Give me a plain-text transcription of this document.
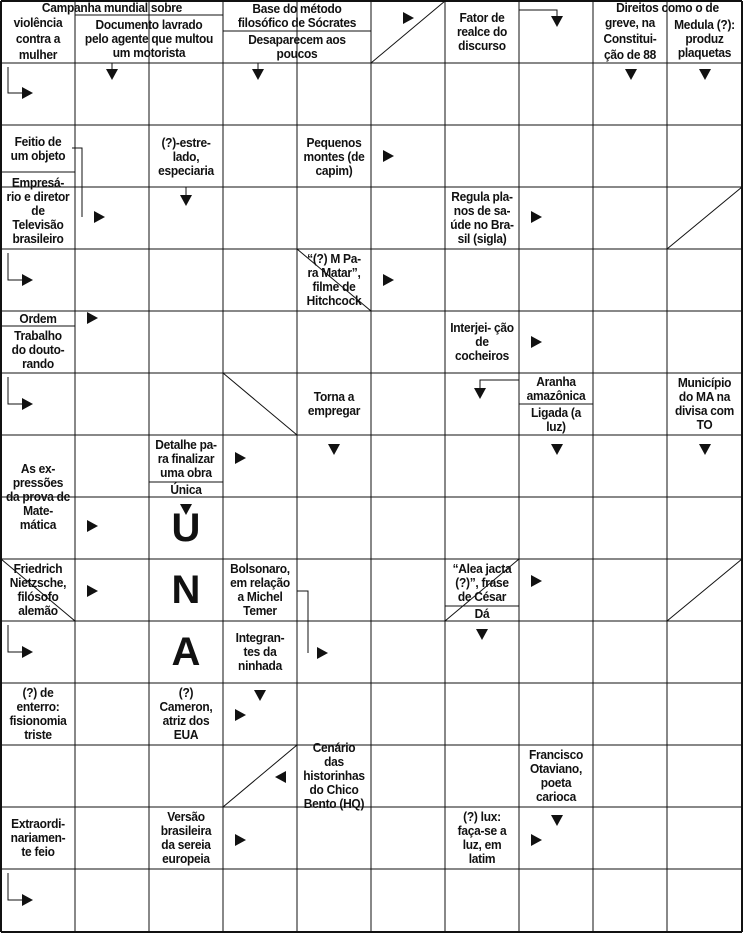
Campanha mundial sobre
violência
contra a
mulher
Documento lavrado pelo agente que multou um motorista
Base do método filosófico de Sócrates
Desaparecem aos poucos
Fator de realce do discurso
Direitos como o de
greve, na
Constitui-
ção de 88
Medula (?): produz plaquetas
Feitio de um objeto
(?)-estre- lado, especiaria
Pequenos montes (de capim)
Empresá- rio e diretor de Televisão brasileiro
Regula pla- nos de sa- úde no Bra- sil (sigla)
“(?) M Pa- ra Matar”, filme de Hitchcock
Ordem
Trabalho do douto- rando
Interjei- ção de cocheiros
Torna a empregar
Aranha amazônica
Ligada (a luz)
Município do MA na divisa com TO
As ex- pressões da prova de Mate- mática
Detalhe pa- ra finalizar uma obra
Única
Friedrich Nietzsche, filósofo alemão
Bolsonaro, em relação a Michel Temer
“Alea jacta (?)”, frase de César
Dá
Integran- tes da ninhada
(?) de enterro: fisionomia triste
(?) Cameron, atriz dos EUA
Cenário das historinhas do Chico Bento (HQ)
Francisco Otaviano, poeta carioca
Extraordi- nariamen- te feio
Versão brasileira da sereia europeia
(?) lux: faça-se a luz, em latim
U
N
A
